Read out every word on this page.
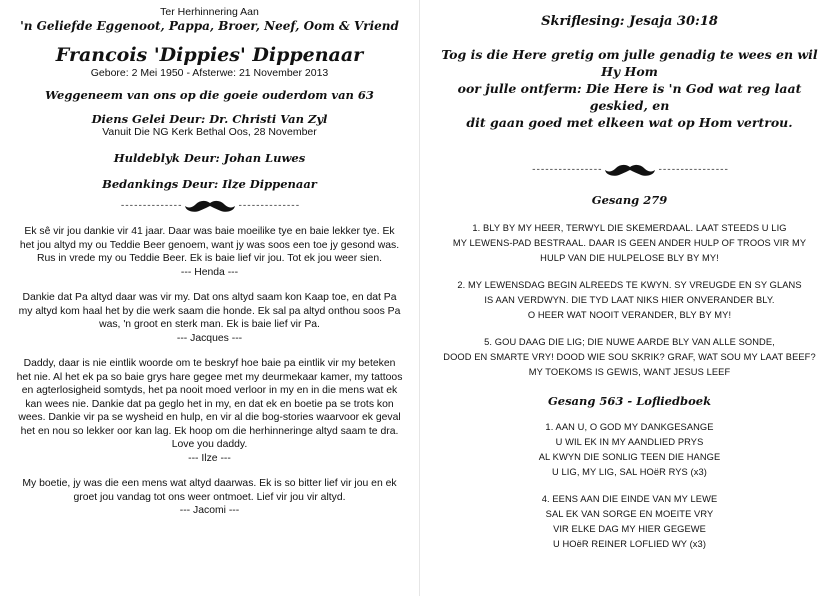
Ter Herhinnering Aan
'n Geliefde Eggenoot, Pappa, Broer, Neef, Oom & Vriend
Francois 'Dippies' Dippenaar
Gebore: 2 Mei 1950 - Afsterwe: 21 November 2013
Weggeneem van ons op die goeie ouderdom van 63
Diens Gelei Deur: Dr. Christi Van Zyl
Vanuit Die NG Kerk Bethal Oos, 28 November
Huldeblyk Deur: Johan Luwes
Bedankings Deur: Ilze Dippenaar
--------------	--------------
Ek sê vir jou dankie vir 41 jaar. Daar was baie moeilike tye en baie lekker tye. Ek
het jou altyd my ou Teddie Beer genoem, want jy was soos een toe jy gesond was.
Rus in vrede my ou Teddie Beer. Ek is baie lief vir jou. Tot ek jou weer sien.
--- Henda ---
Dankie dat Pa altyd daar was vir my. Dat ons altyd saam kon Kaap toe, en dat Pa
my altyd kom haal het by die werk saam die honde. Ek sal pa altyd onthou soos Pa
was, 'n groot en sterk man. Ek is baie lief vir Pa.
--- Jacques ---
Daddy, daar is nie eintlik woorde om te beskryf hoe baie pa eintlik vir my beteken
het nie. Al het ek pa so baie grys hare gegee met my deurmekaar kamer, my tattoos
en agterlosigheid somtyds, het pa nooit moed verloor in my en in die mens wat ek
kan wees nie. Dankie dat pa geglo het in my, en dat ek en boetie pa se trots kon
wees. Dankie vir pa se wysheid en hulp, en vir al die bog-stories waarvoor ek geval
het en nou so lekker oor kan lag. Ek hoop om die herhinneringe altyd saam te dra.
Love you daddy.
--- Ilze ---
My boetie, jy was die een mens wat altyd daarwas. Ek is so bitter lief vir jou en ek
groet jou vandag tot ons weer ontmoet. Lief vir jou vir altyd.
--- Jacomi ---
Skriflesing: Jesaja 30:18
Tog is die Here gretig om julle genadig te wees en wil Hy Hom
oor julle ontferm: Die Here is 'n God wat reg laat geskied, en
dit gaan goed met elkeen wat op Hom vertrou.
----------------	----------------
Gesang 279
1. BLY BY MY HEER, TERWYL DIE SKEMERDAAL. LAAT STEEDS U LIG
MY LEWENS-PAD BESTRAAL. DAAR IS GEEN ANDER HULP OF TROOS VIR MY
HULP VAN DIE HULPELOSE BLY BY MY!
2. MY LEWENSDAG BEGIN ALREEDS TE KWYN. SY VREUGDE EN SY GLANS
IS AAN VERDWYN. DIE TYD LAAT NIKS HIER ONVERANDER BLY.
O HEER WAT NOOIT VERANDER, BLY BY MY!
5. GOU DAAG DIE LIG; DIE NUWE AARDE BLY VAN ALLE SONDE,
DOOD EN SMARTE VRY! DOOD WIE SOU SKRIK? GRAF, WAT SOU MY LAAT BEEF?
MY TOEKOMS IS GEWIS, WANT JESUS LEEF
Gesang 563 - Lofliedboek
1. AAN U, O GOD MY DANKGESANGE
U WIL EK IN MY AANDLIED PRYS
AL KWYN DIE SONLIG TEEN DIE HANGE
U LIG, MY LIG, SAL HOëR RYS (x3)
4. EENS AAN DIE EINDE VAN MY LEWE
SAL EK VAN SORGE EN MOEITE VRY
VIR ELKE DAG MY HIER GEGEWE
U HOëR REINER LOFLIED WY (x3)
